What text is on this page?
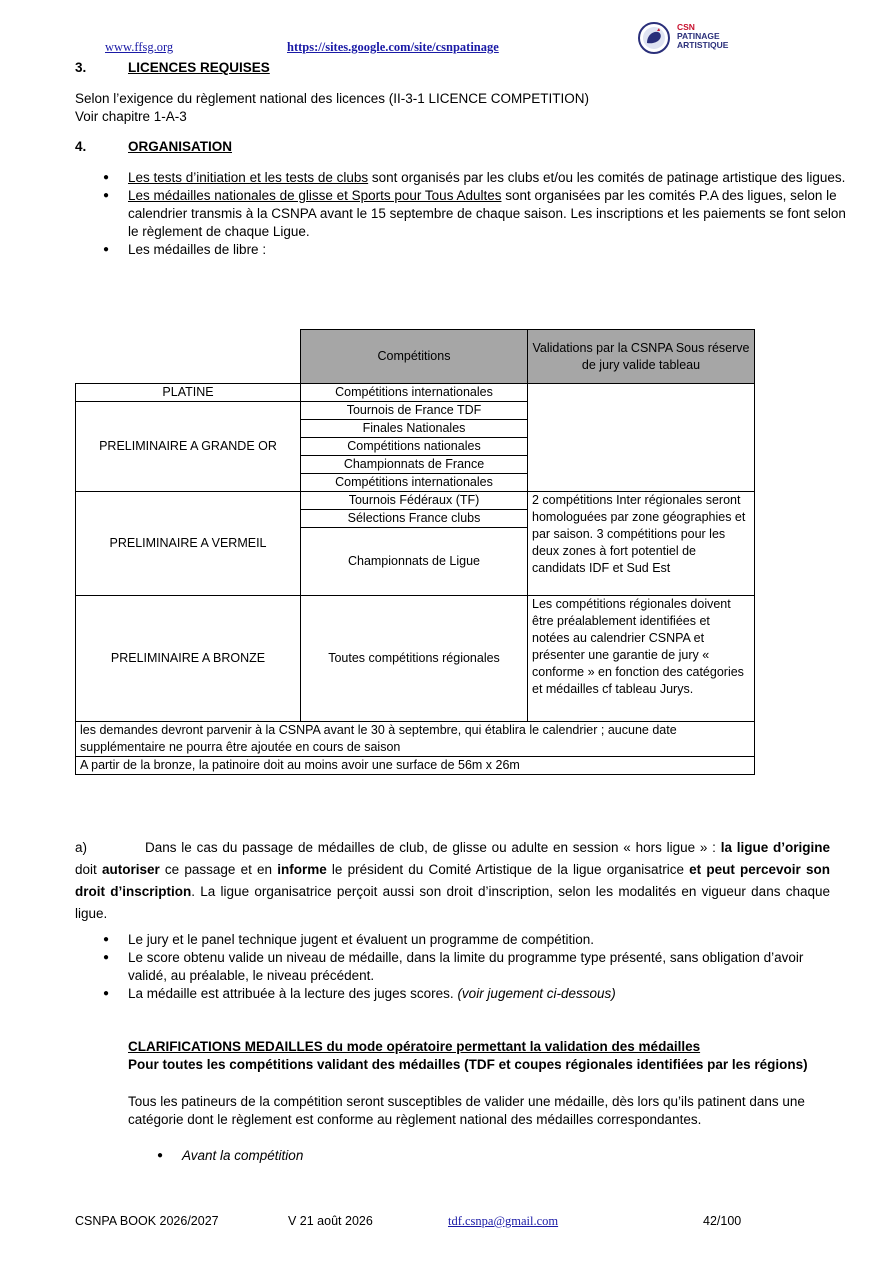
www.ffsg.org	https://sites.google.com/site/csnpatinage
CSN
PATINAGE
ARTISTIQUE
3.	LICENCES REQUISES
Selon l’exigence du règlement national des licences (II-3-1 LICENCE COMPETITION)
Voir chapitre 1-A-3
4.	ORGANISATION
● Les tests d’initiation et les tests de clubs sont organisés par les clubs et/ou les comités de patinage artistique des ligues.
● Les médailles nationales de glisse et Sports pour Tous Adultes sont organisées par les comités P.A des ligues, selon le calendrier transmis à la CSNPA avant le 15 septembre de chaque saison. Les inscriptions et les paiements se font selon le règlement de chaque Ligue.
● Les médailles de libre :
	Compétitions	Validations par la CSNPA Sous réserve de jury valide tableau
PLATINE	Compétitions internationales	
PRELIMINAIRE A GRANDE OR	Tournois de France TDF	
	Finales Nationales	
	Compétitions nationales	
	Championnats de France	
	Compétitions internationales	
PRELIMINAIRE A VERMEIL	Tournois Fédéraux (TF)	2 compétitions Inter régionales seront homologuées par zone géographies et par saison. 3 compétitions pour les deux zones à fort potentiel de candidats IDF et Sud Est
	Sélections France clubs	
	Championnats de Ligue	
PRELIMINAIRE A BRONZE	Toutes compétitions régionales	Les compétitions régionales doivent être préalablement identifiées et notées au calendrier CSNPA et présenter une garantie de jury « conforme » en fonction des catégories et médailles cf tableau Jurys.
les demandes devront parvenir à la CSNPA avant le 30 à septembre, qui établira le calendrier ; aucune date supplémentaire ne pourra être ajoutée en cours de saison		
A partir de la bronze, la patinoire doit au moins avoir une surface de 56m x 26m		
a)	Dans le cas du passage de médailles de club, de glisse ou adulte en session « hors ligue » : la ligue d’origine doit autoriser ce passage et en informe le président du Comité Artistique de la ligue organisatrice et peut percevoir son droit d’inscription. La ligue organisatrice perçoit aussi son droit d’inscription, selon les modalités en vigueur dans chaque ligue.
● Le jury et le panel technique jugent et évaluent un programme de compétition.
● Le score obtenu valide un niveau de médaille, dans la limite du programme type présenté, sans obligation d’avoir validé, au préalable, le niveau précédent.
● La médaille est attribuée à la lecture des juges scores. (voir jugement ci-dessous)
CLARIFICATIONS MEDAILLES du mode opératoire permettant la validation des médailles
Pour toutes les compétitions validant des médailles (TDF et coupes régionales identifiées par les régions)
Tous les patineurs de la compétition seront susceptibles de valider une médaille, dès lors qu’ils patinent dans une catégorie dont le règlement est conforme au règlement national des médailles correspondantes.
● Avant la compétition
CSNPA BOOK 2026/2027	V 21 août 2026	tdf.csnpa@gmail.com	42/100
